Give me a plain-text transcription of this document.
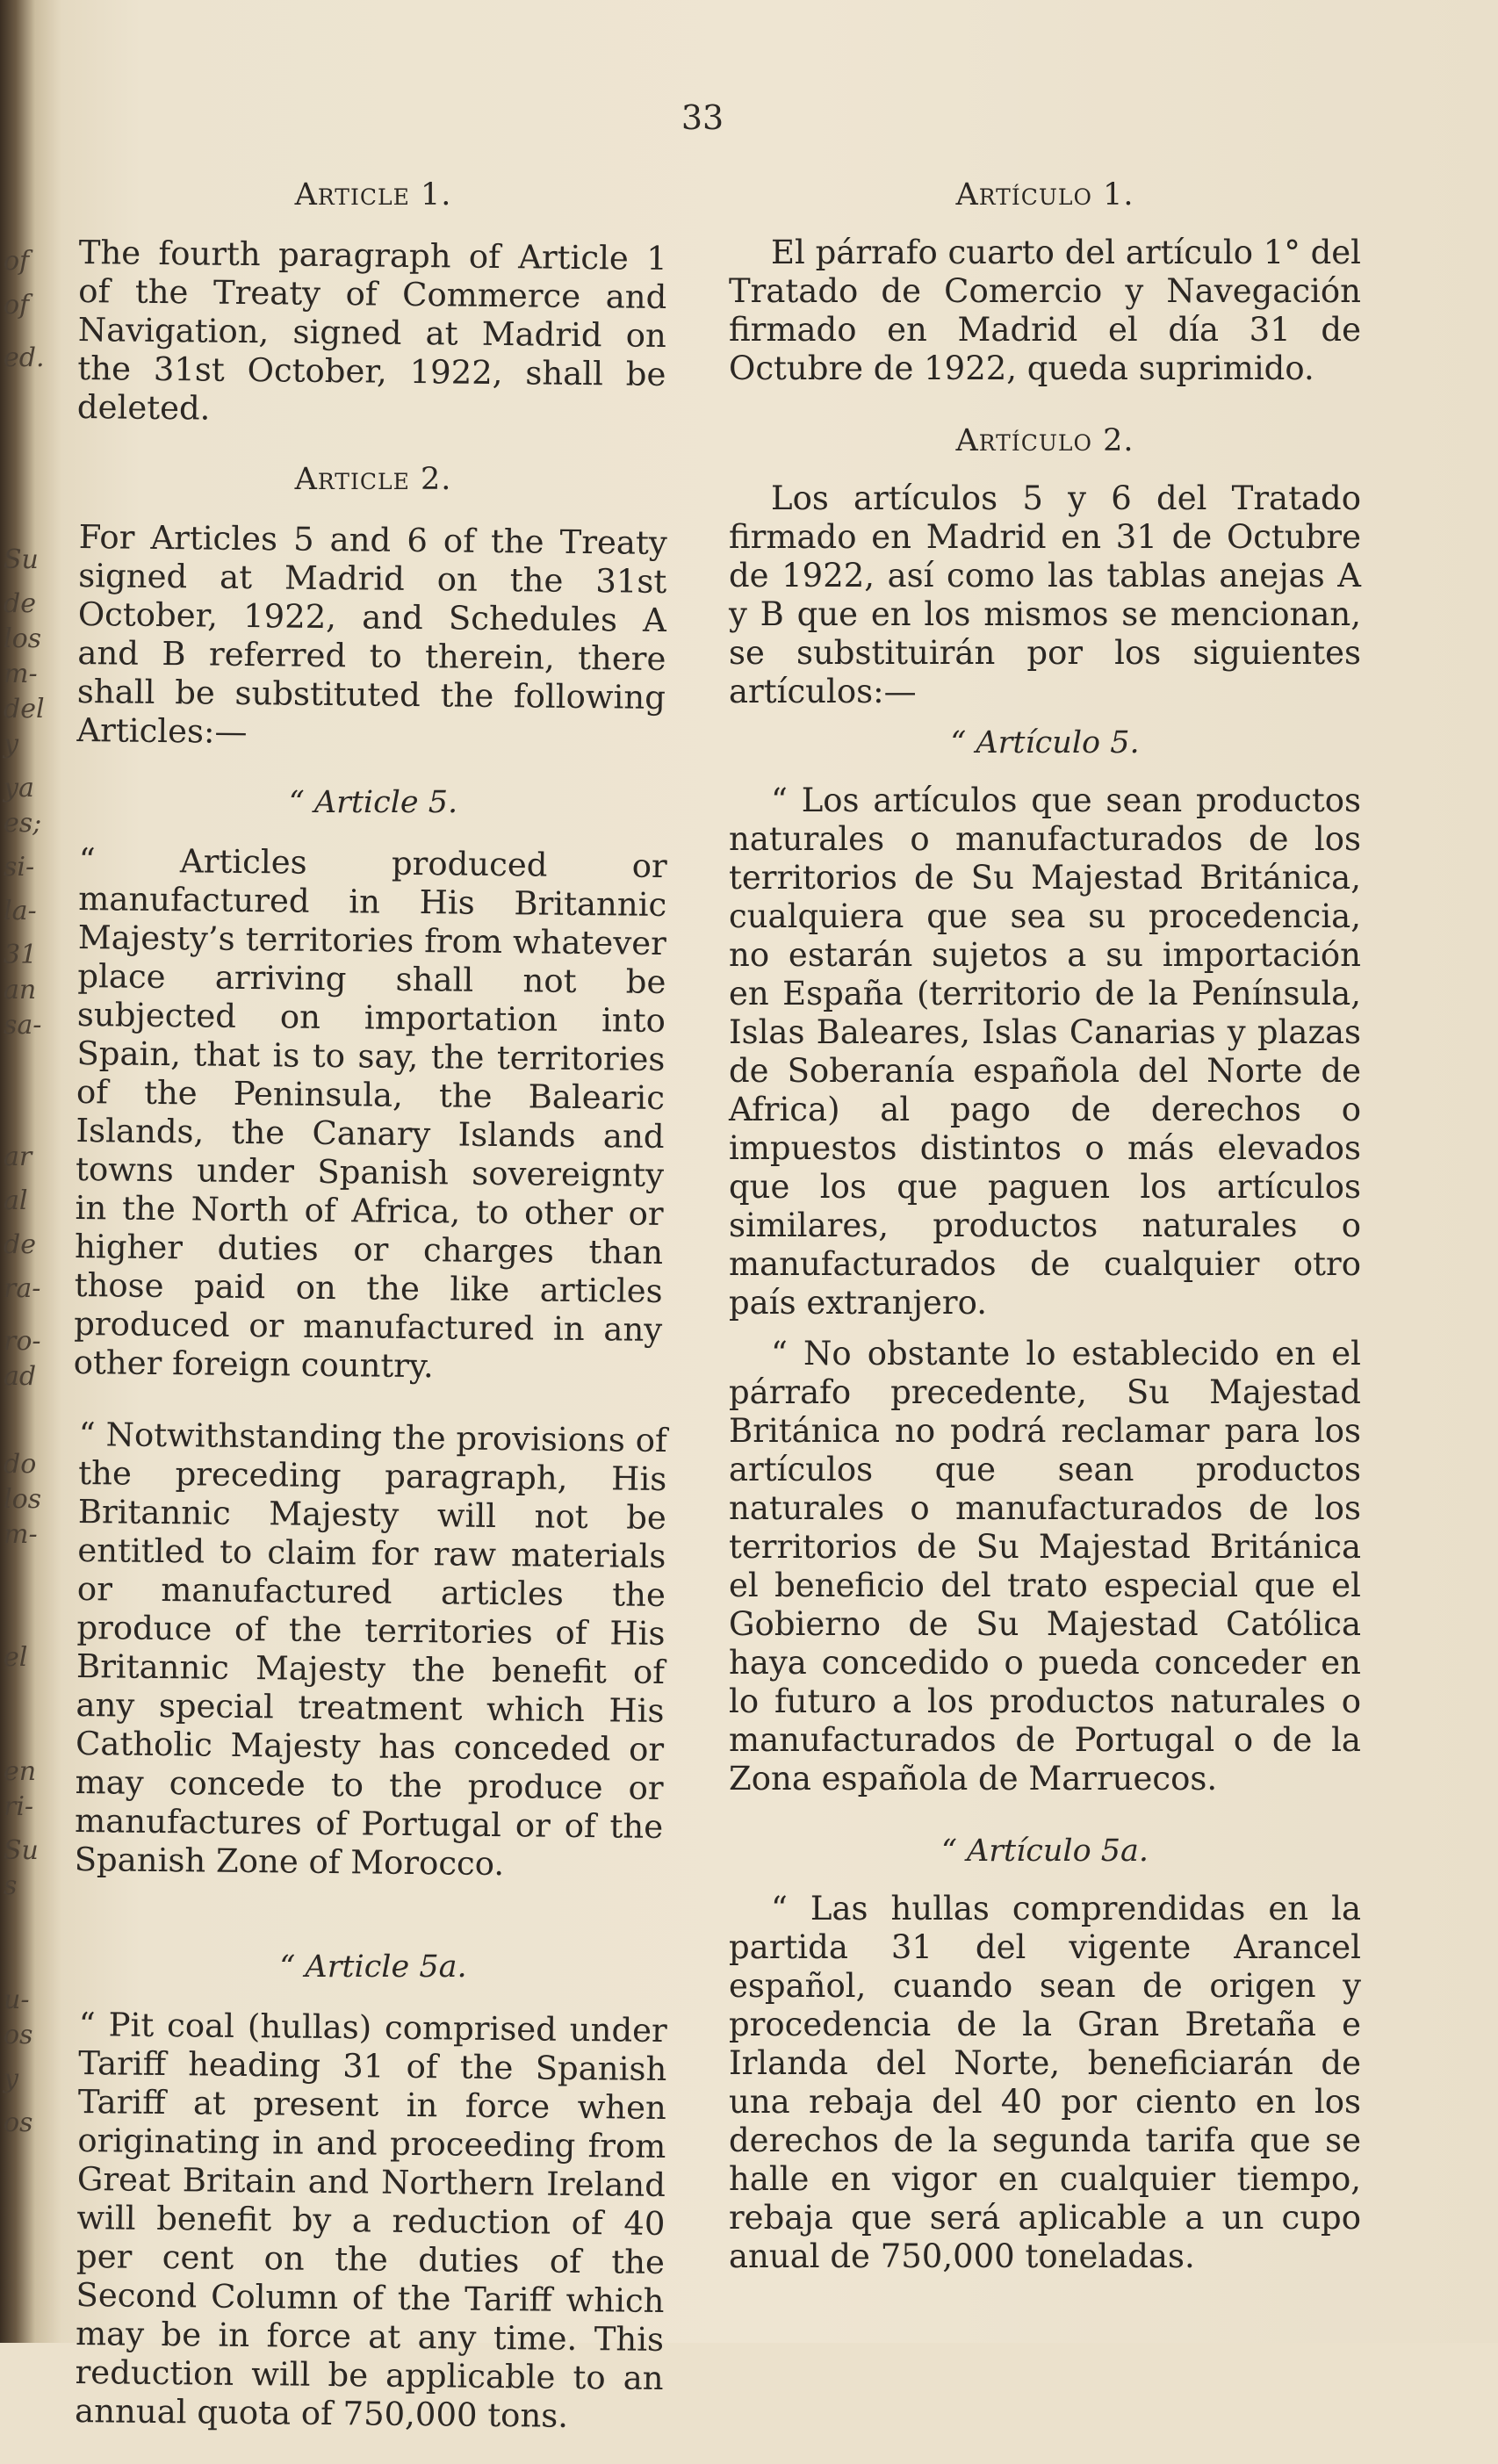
of
of
ed.
Su
de
los
m-
del
y
ya
es;
si-
la-
31
an
sa-
ar
al
de
ra-
ro-
ad
do
los
m-
el
en
ri-
Su
s
u-
os
y
os
33
Article 1.

The fourth paragraph of Article 1 of the Treaty of Commerce and Navigation, signed at Madrid on the 31st October, 1922, shall be deleted.

Article 2.

For Articles 5 and 6 of the Treaty signed at Madrid on the 31st October, 1922, and Schedules A and B referred to therein, there shall be substituted the following Articles:—

“ Article 5.

“ Articles produced or manufactured in His Britannic Majesty’s territories from whatever place arriving shall not be subjected on importation into Spain, that is to say, the territories of the Peninsula, the Balearic Islands, the Canary Islands and towns under Spanish sovereignty in the North of Africa, to other or higher duties or charges than those paid on the like articles produced or manufactured in any other foreign country.

“ Notwithstanding the provisions of the preceding paragraph, His Britannic Majesty will not be entitled to claim for raw materials or manufactured articles the produce of the territories of His Britannic Majesty the benefit of any special treatment which His Catholic Majesty has conceded or may concede to the produce or manufactures of Portugal or of the Spanish Zone of Morocco.

“ Article 5a.

“ Pit coal (hullas) comprised under Tariff heading 31 of the Spanish Tariff at present in force when originating in and proceeding from Great Britain and Northern Ireland will benefit by a reduction of 40 per cent on the duties of the Second Column of the Tariff which may be in force at any time. This reduction will be applicable to an annual quota of 750,000 tons.

Artículo 1.

El párrafo cuarto del artículo 1° del Tratado de Comercio y Navegación firmado en Madrid el día 31 de Octubre de 1922, queda suprimido.

Artículo 2.

Los artículos 5 y 6 del Tratado firmado en Madrid en 31 de Octubre de 1922, así como las tablas anejas A y B que en los mismos se mencionan, se substituirán por los siguientes artículos:—

“ Artículo 5.

“ Los artículos que sean productos naturales o manufacturados de los territorios de Su Majestad Británica, cualquiera que sea su procedencia, no estarán sujetos a su importación en España (territorio de la Península, Islas Baleares, Islas Canarias y plazas de Soberanía española del Norte de Africa) al pago de derechos o impuestos distintos o más elevados que los que paguen los artículos similares, productos naturales o manufacturados de cualquier otro país extranjero.

“ No obstante lo establecido en el párrafo precedente, Su Majestad Británica no podrá reclamar para los artículos que sean productos naturales o manufacturados de los territorios de Su Majestad Británica el beneficio del trato especial que el Gobierno de Su Majestad Católica haya concedido o pueda conceder en lo futuro a los productos naturales o manufacturados de Portugal o de la Zona española de Marruecos.

“ Artículo 5a.

“ Las hullas comprendidas en la partida 31 del vigente Arancel español, cuando sean de origen y procedencia de la Gran Bretaña e Irlanda del Norte, beneficiarán de una rebaja del 40 por ciento en los derechos de la segunda tarifa que se halle en vigor en cualquier tiempo, rebaja que será aplicable a un cupo anual de 750,000 toneladas.
